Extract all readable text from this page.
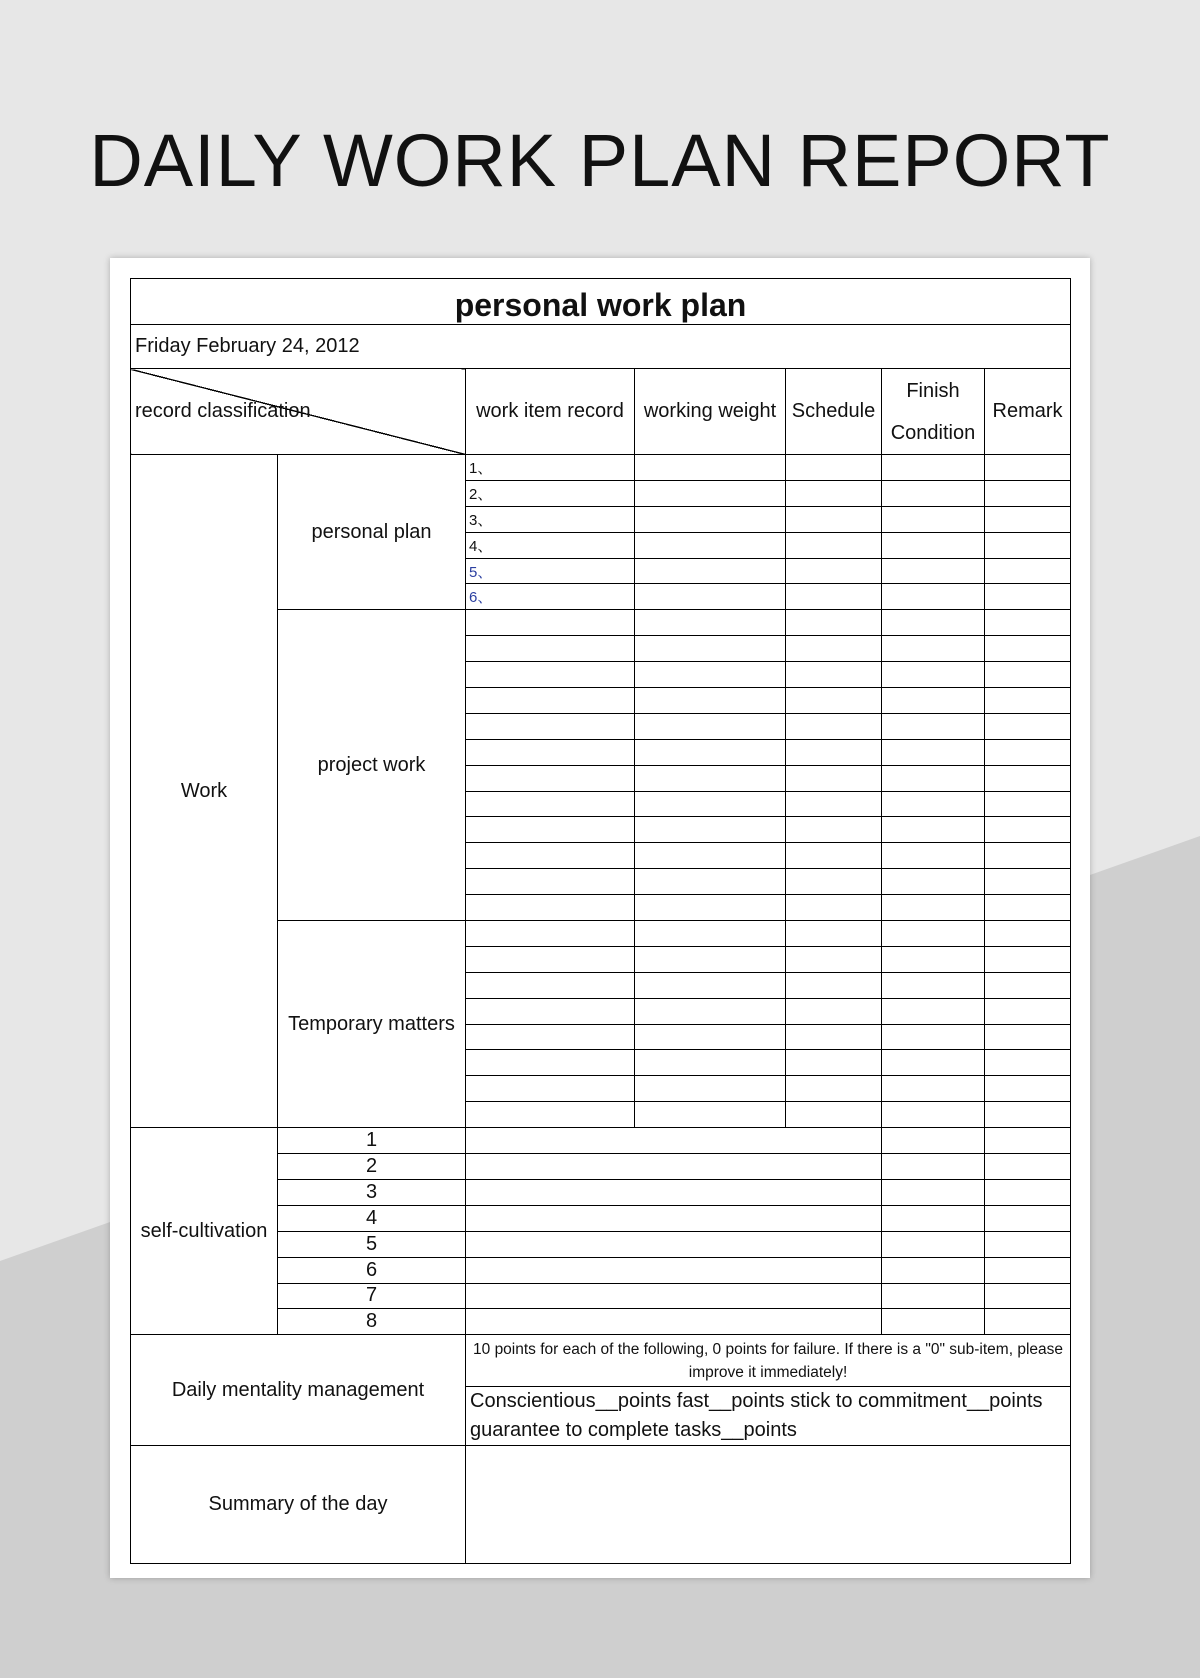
DAILY WORK PLAN REPORT
personal work plan						
Friday February 24, 2012						
record classification		work item record	working weight	Schedule	Finish Condition	Remark
Work	personal plan	1、				
		2、				
		3、				
		4、				
		5、				
		6、				
	project work					

	Temporary matters					

self-cultivation	1					
	2					
	3					
	4					
	5					
	6					
	7					
	8					
Daily mentality management		10 points for each of the following, 0 points for failure. If there is a "0" sub-item, please improve it immediately!				
		Conscientious__points fast__points stick to commitment__points guarantee to complete tasks__points				
Summary of the day						
